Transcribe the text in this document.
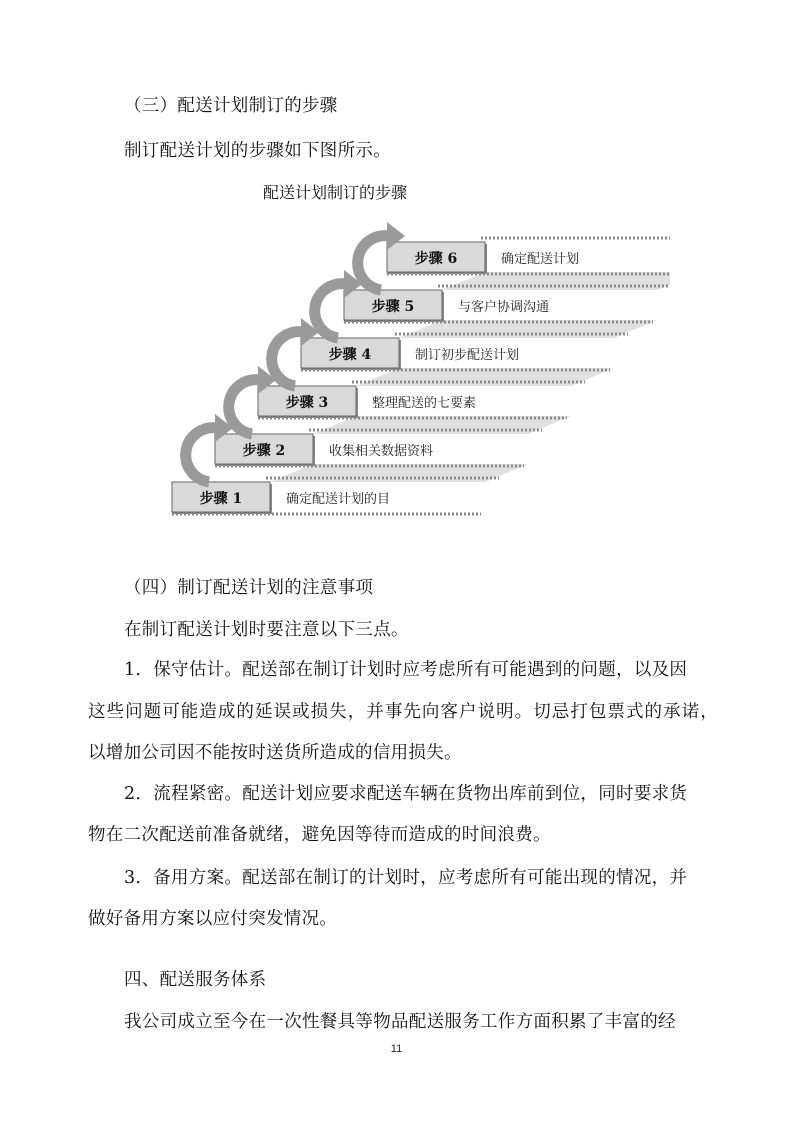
（三）配送计划制订的步骤
制订配送计划的步骤如下图所示。
配送计划制订的步骤
步骤 1	确定配送计划的目
步骤 2	收集相关数据资料
步骤 3	整理配送的七要素
步骤 4	制订初步配送计划
步骤 5	与客户协调沟通
步骤 6	确定配送计划
（四）制订配送计划的注意事项
在制订配送计划时要注意以下三点。
1．保守估计。配送部在制订计划时应考虑所有可能遇到的问题，以及因
这些问题可能造成的延误或损失，并事先向客户说明。切忌打包票式的承诺，
以增加公司因不能按时送货所造成的信用损失。
2．流程紧密。配送计划应要求配送车辆在货物出库前到位，同时要求货
物在二次配送前准备就绪，避免因等待而造成的时间浪费。
3．备用方案。配送部在制订的计划时，应考虑所有可能出现的情况，并
做好备用方案以应付突发情况。
四、配送服务体系
我公司成立至今在一次性餐具等物品配送服务工作方面积累了丰富的经
11
